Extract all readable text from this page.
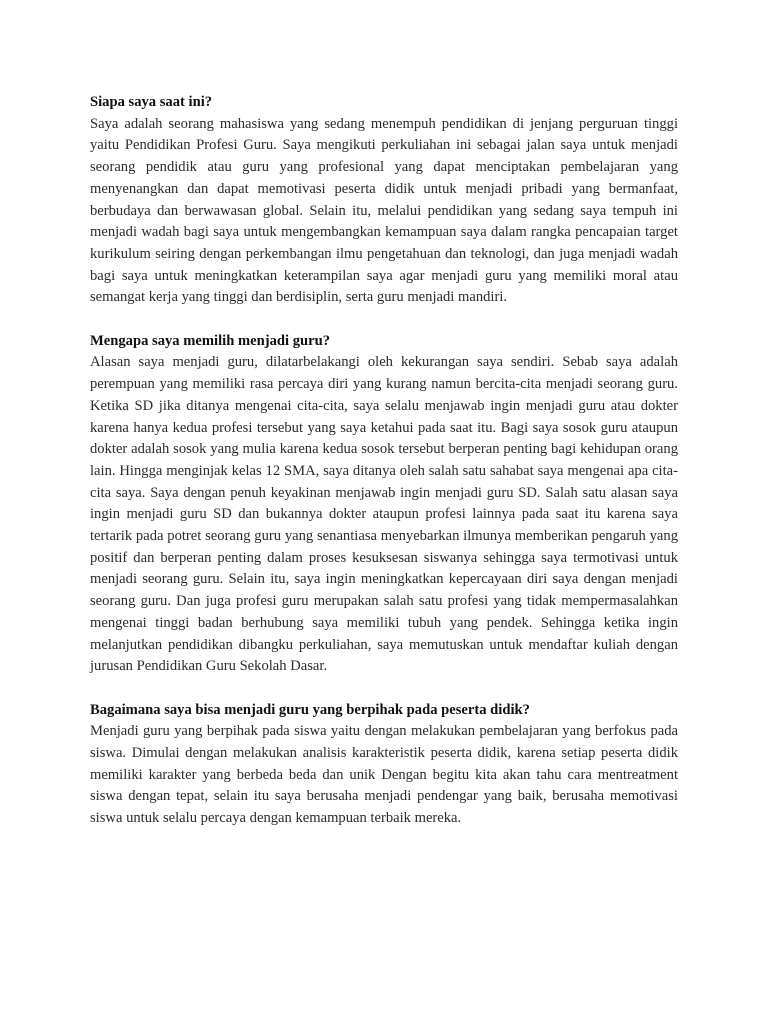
Siapa saya saat ini?

Saya adalah seorang mahasiswa yang sedang menempuh pendidikan di jenjang perguruan tinggi yaitu Pendidikan Profesi Guru. Saya mengikuti perkuliahan ini sebagai jalan saya untuk menjadi seorang pendidik atau guru yang profesional yang dapat menciptakan pembelajaran yang menyenangkan dan dapat memotivasi peserta didik untuk menjadi pribadi yang bermanfaat, berbudaya dan berwawasan global. Selain itu, melalui pendidikan yang sedang saya tempuh ini menjadi wadah bagi saya untuk mengembangkan kemampuan saya dalam rangka pencapaian target kurikulum seiring dengan perkembangan ilmu pengetahuan dan teknologi, dan juga menjadi wadah bagi saya untuk meningkatkan keterampilan saya agar menjadi guru yang memiliki moral atau semangat kerja yang tinggi dan berdisiplin, serta guru menjadi mandiri.

Mengapa saya memilih menjadi guru?

Alasan saya menjadi guru, dilatarbelakangi oleh kekurangan saya sendiri. Sebab saya adalah perempuan yang memiliki rasa percaya diri yang kurang namun bercita-cita menjadi seorang guru. Ketika SD jika ditanya mengenai cita-cita, saya selalu menjawab ingin menjadi guru atau dokter karena hanya kedua profesi tersebut yang saya ketahui pada saat itu. Bagi saya sosok guru ataupun dokter adalah sosok yang mulia karena kedua sosok tersebut berperan penting bagi kehidupan orang lain. Hingga menginjak kelas 12 SMA, saya ditanya oleh salah satu sahabat saya mengenai apa cita-cita saya. Saya dengan penuh keyakinan menjawab ingin menjadi guru SD. Salah satu alasan saya ingin menjadi guru SD dan bukannya dokter ataupun profesi lainnya pada saat itu karena saya tertarik pada potret seorang guru yang senantiasa menyebarkan ilmunya memberikan pengaruh yang positif dan berperan penting dalam proses kesuksesan siswanya sehingga saya termotivasi untuk menjadi seorang guru. Selain itu, saya ingin meningkatkan kepercayaan diri saya dengan menjadi seorang guru. Dan juga profesi guru merupakan salah satu profesi yang tidak mempermasalahkan mengenai tinggi badan berhubung saya memiliki tubuh yang pendek. Sehingga ketika ingin melanjutkan pendidikan dibangku perkuliahan, saya memutuskan untuk mendaftar kuliah dengan jurusan Pendidikan Guru Sekolah Dasar.

Bagaimana saya bisa menjadi guru yang berpihak pada peserta didik?

Menjadi guru yang berpihak pada siswa yaitu dengan melakukan pembelajaran yang berfokus pada siswa. Dimulai dengan melakukan analisis karakteristik peserta didik, karena setiap peserta didik memiliki karakter yang berbeda beda dan unik Dengan begitu kita akan tahu cara mentreatment siswa dengan tepat, selain itu saya berusaha menjadi pendengar yang baik, berusaha memotivasi siswa untuk selalu percaya dengan kemampuan terbaik mereka.
